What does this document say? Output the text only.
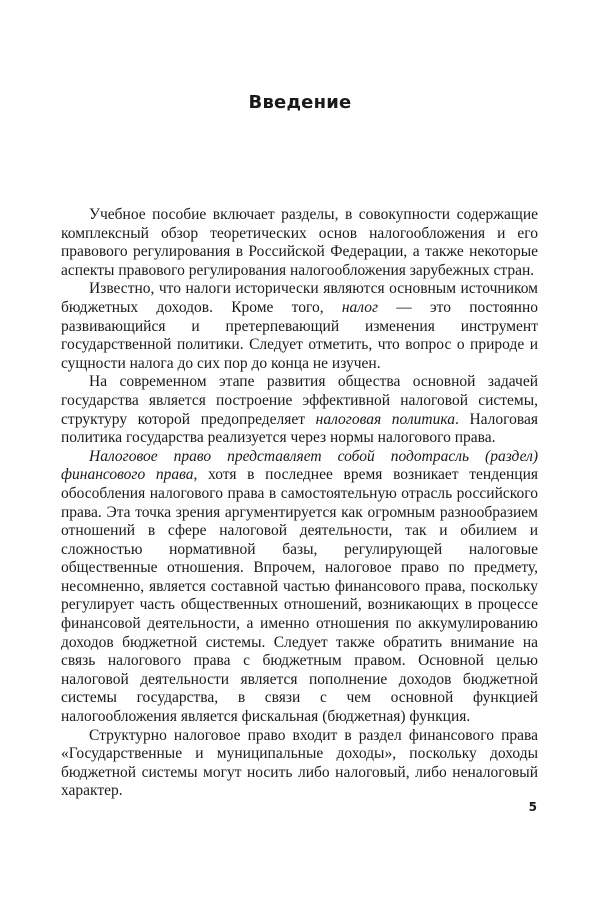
Введение

Учебное пособие включает разделы, в совокупности содержащие комплексный обзор теоретических основ налогообложения и его правового регулирования в Российской Федерации, а также некоторые аспекты правового регулирования налогообложения зарубежных стран.

Известно, что налоги исторически являются основным источником бюджетных доходов. Кроме того, налог — это постоянно развивающийся и претерпевающий изменения инструмент государственной политики. Следует отметить, что вопрос о природе и сущности налога до сих пор до конца не изучен.

На современном этапе развития общества основной задачей государства является построение эффективной налоговой системы, структуру которой предопределяет налоговая политика. Налоговая политика государства реализуется через нормы налогового права.

Налоговое право представляет собой подотрасль (раздел) финансового права, хотя в последнее время возникает тенденция обособления налогового права в самостоятельную отрасль российского права. Эта точка зрения аргументируется как огромным разнообразием отношений в сфере налоговой деятельности, так и обилием и сложностью нормативной базы, регулирующей налоговые общественные отношения. Впрочем, налоговое право по предмету, несомненно, является составной частью финансового права, поскольку регулирует часть общественных отношений, возникающих в процессе финансовой деятельности, а именно отношения по аккумулированию доходов бюджетной системы. Следует также обратить внимание на связь налогового права с бюджетным правом. Основной целью налоговой деятельности является пополнение доходов бюджетной системы государства, в связи с чем основной функцией налогообложения является фискальная (бюджетная) функция.

Структурно налоговое право входит в раздел финансового права «Государственные и муниципальные доходы», поскольку доходы бюджетной системы могут носить либо налоговый, либо неналоговый характер.

5
